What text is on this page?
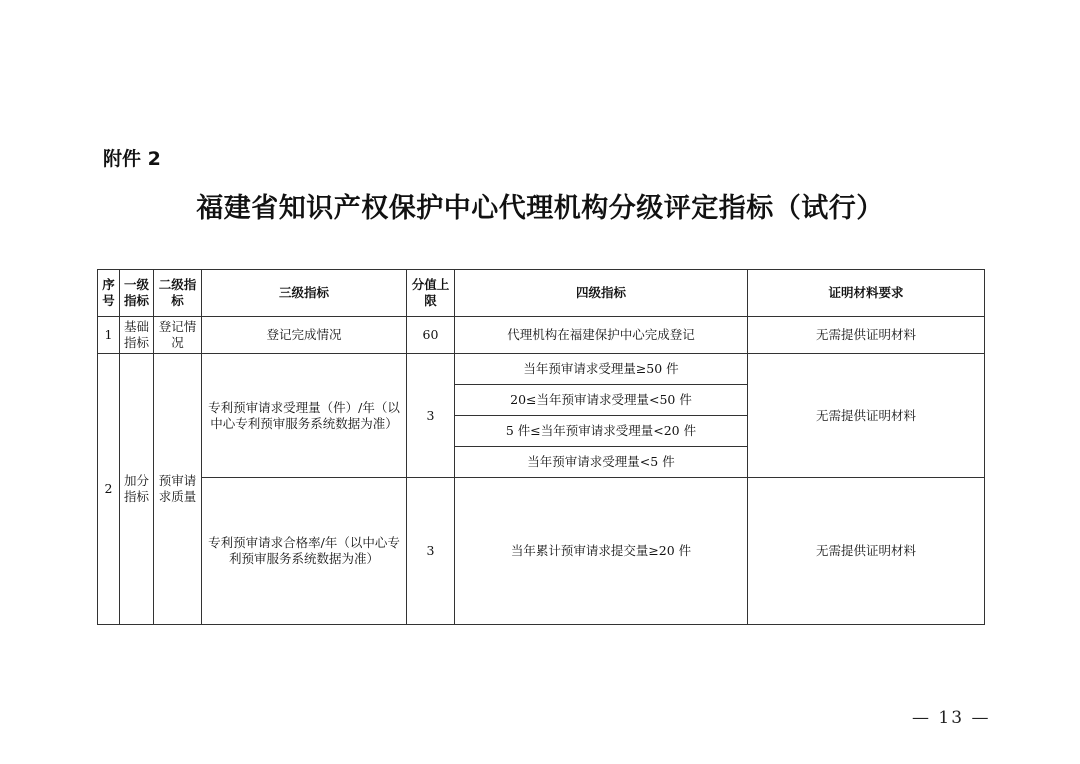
附件 2
福建省知识产权保护中心代理机构分级评定指标（试行）
序号	一级指标	二级指标	三级指标	分值上限	四级指标	证明材料要求
1	基础指标	登记情况	登记完成情况	60	代理机构在福建保护中心完成登记	无需提供证明材料
2	加分指标	预审请求质量	专利预审请求受理量（件）/年（以中心专利预审服务系统数据为准）	3	当年预审请求受理量≥50 件	无需提供证明材料
					20≤当年预审请求受理量<50 件	
					5 件≤当年预审请求受理量<20 件	
					当年预审请求受理量<5 件	
			专利预审请求合格率/年（以中心专利预审服务系统数据为准）	3	当年累计预审请求提交量≥20 件	无需提供证明材料
— 13 —
